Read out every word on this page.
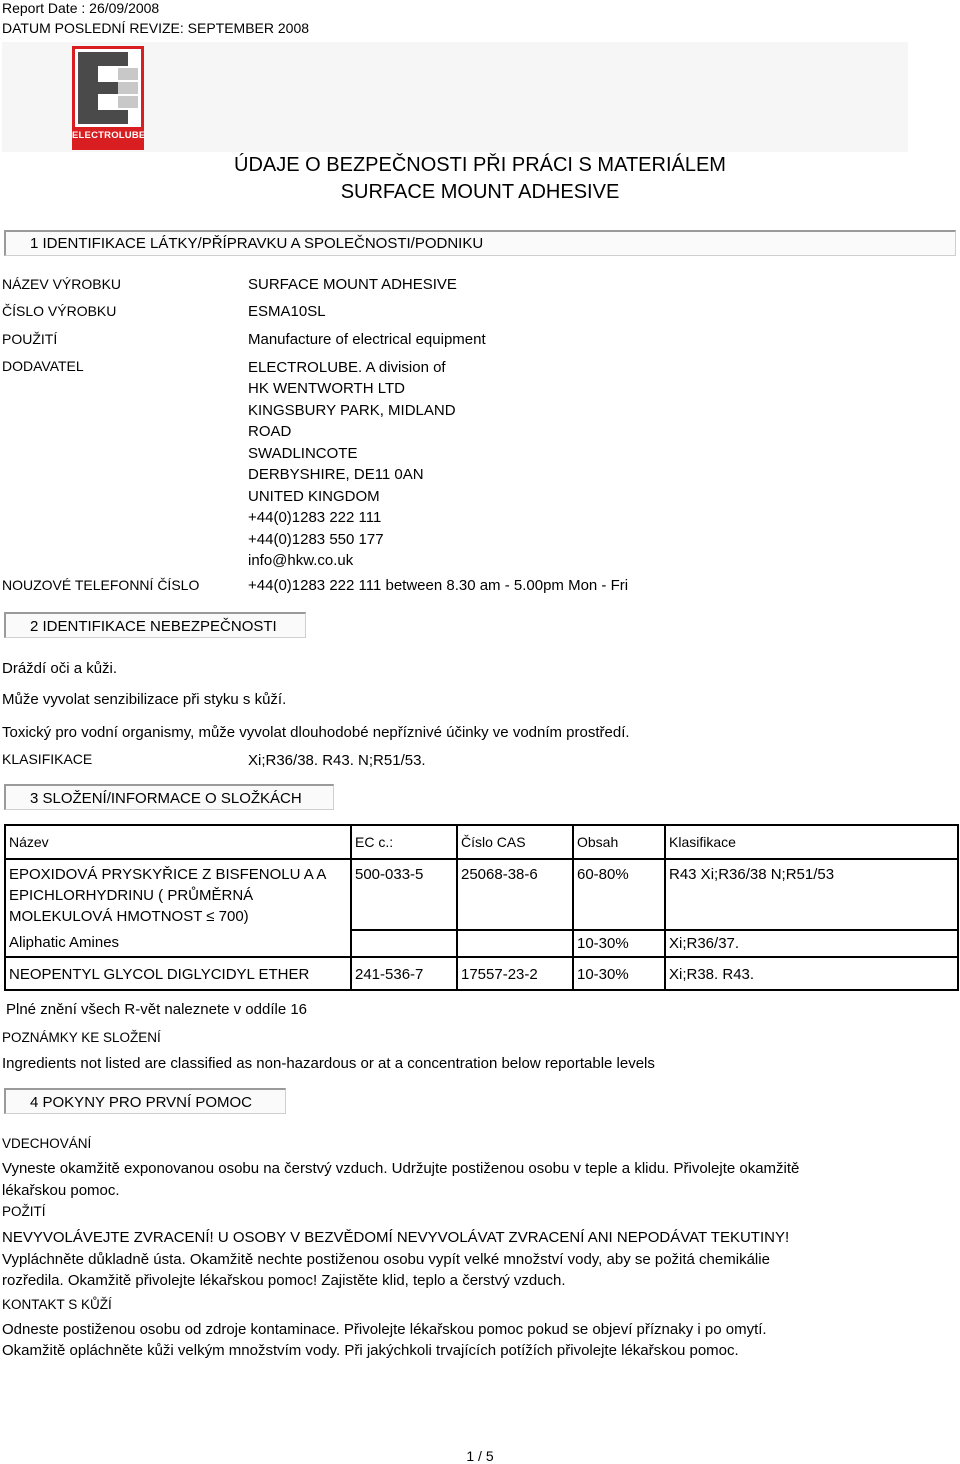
Report Date : 26/09/2008
DATUM POSLEDNÍ REVIZE: SEPTEMBER 2008
ELECTROLUBE
ÚDAJE O BEZPEČNOSTI PŘI PRÁCI S MATERIÁLEM
SURFACE MOUNT ADHESIVE
1 IDENTIFIKACE LÁTKY/PŘÍPRAVKU A SPOLEČNOSTI/PODNIKU
NÁZEV VÝROBKU	SURFACE MOUNT ADHESIVE
ČÍSLO VÝROBKU	ESMA10SL
POUŽITÍ	Manufacture of electrical equipment
DODAVATEL	ELECTROLUBE. A division of
HK WENTWORTH LTD
KINGSBURY PARK, MIDLAND
ROAD
SWADLINCOTE
DERBYSHIRE, DE11 0AN
UNITED KINGDOM
+44(0)1283 222 111
+44(0)1283 550 177
info@hkw.co.uk
NOUZOVÉ TELEFONNÍ ČÍSLO	+44(0)1283 222 111 between 8.30 am - 5.00pm Mon - Fri
2 IDENTIFIKACE NEBEZPEČNOSTI
Dráždí oči a kůži.
Může vyvolat senzibilizace při styku s kůží.
Toxický pro vodní organismy, může vyvolat dlouhodobé nepříznivé účinky ve vodním prostředí.
KLASIFIKACE	Xi;R36/38. R43. N;R51/53.
3 SLOŽENÍ/INFORMACE O SLOŽKÁCH
Název	EC c.:	Číslo CAS	Obsah	Klasifikace
EPOXIDOVÁ PRYSKYŘICE Z BISFENOLU A A EPICHLORHYDRINU ( PRŮMĚRNÁ MOLEKULOVÁ HMOTNOST ≤ 700)	500-033-5	25068-38-6	60-80%	R43 Xi;R36/38 N;R51/53
Aliphatic Amines			10-30%	Xi;R36/37.
NEOPENTYL GLYCOL DIGLYCIDYL ETHER	241-536-7	17557-23-2	10-30%	Xi;R38. R43.
Plné znění všech R-vět naleznete v oddíle 16
POZNÁMKY KE SLOŽENÍ
Ingredients not listed are classified as non-hazardous or at a concentration below reportable levels
4 POKYNY PRO PRVNÍ POMOC
VDECHOVÁNÍ
Vyneste okamžitě exponovanou osobu na čerstvý vzduch. Udržujte postiženou osobu v teple a klidu. Přivolejte okamžitě
lékařskou pomoc.
POŽITÍ
NEVYVOLÁVEJTE ZVRACENÍ! U OSOBY V BEZVĚDOMÍ NEVYVOLÁVAT ZVRACENÍ ANI NEPODÁVAT TEKUTINY!
Vypláchněte důkladně ústa. Okamžitě nechte postiženou osobu vypít velké množství vody, aby se požitá chemikálie
rozředila. Okamžitě přivolejte lékařskou pomoc! Zajistěte klid, teplo a čerstvý vzduch.
KONTAKT S KŮŽÍ
Odneste postiženou osobu od zdroje kontaminace. Přivolejte lékařskou pomoc pokud se objeví příznaky i po omytí.
Okamžitě opláchněte kůži velkým množstvím vody. Při jakýchkoli trvajících potížích přivolejte lékařskou pomoc.
1 / 5
